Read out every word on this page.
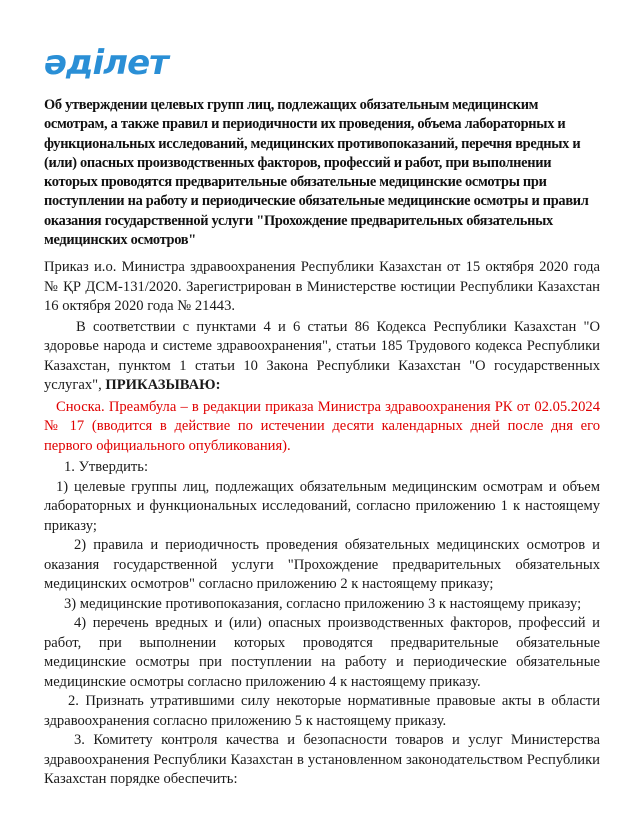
әділет
Об утверждении целевых групп лиц, подлежащих обязательным медицинским осмотрам, а также правил и периодичности их проведения, объема лабораторных и функциональных исследований, медицинских противопоказаний, перечня вредных и (или) опасных производственных факторов, профессий и работ, при выполнении которых проводятся предварительные обязательные медицинские осмотры при поступлении на работу и периодические обязательные медицинские осмотры и правил оказания государственной услуги "Прохождение предварительных обязательных медицинских осмотров"

Приказ и.о. Министра здравоохранения Республики Казахстан от 15 октября 2020 года № ҚР ДСМ-131/2020. Зарегистрирован в Министерстве юстиции Республики Казахстан 16 октября 2020 года № 21443.

В соответствии с пунктами 4 и 6 статьи 86 Кодекса Республики Казахстан "О здоровье народа и системе здравоохранения", статьи 185 Трудового кодекса Республики Казахстан, пунктом 1 статьи 10 Закона Республики Казахстан "О государственных услугах", ПРИКАЗЫВАЮ:

Сноска. Преамбула – в редакции приказа Министра здравоохранения РК от 02.05.2024 № 17 (вводится в действие по истечении десяти календарных дней после дня его первого официального опубликования).

1. Утвердить:

1) целевые группы лиц, подлежащих обязательным медицинским осмотрам и объем лабораторных и функциональных исследований, согласно приложению 1 к настоящему приказу;

2) правила и периодичность проведения обязательных медицинских осмотров и оказания государственной услуги "Прохождение предварительных обязательных медицинских осмотров" согласно приложению 2 к настоящему приказу;

3) медицинские противопоказания, согласно приложению 3 к настоящему приказу;

4) перечень вредных и (или) опасных производственных факторов, профессий и работ, при выполнении которых проводятся предварительные обязательные медицинские осмотры при поступлении на работу и периодические обязательные медицинские осмотры согласно приложению 4 к настоящему приказу.

2. Признать утратившими силу некоторые нормативные правовые акты в области здравоохранения согласно приложению 5 к настоящему приказу.

3. Комитету контроля качества и безопасности товаров и услуг Министерства здравоохранения Республики Казахстан в установленном законодательством Республики Казахстан порядке обеспечить:
